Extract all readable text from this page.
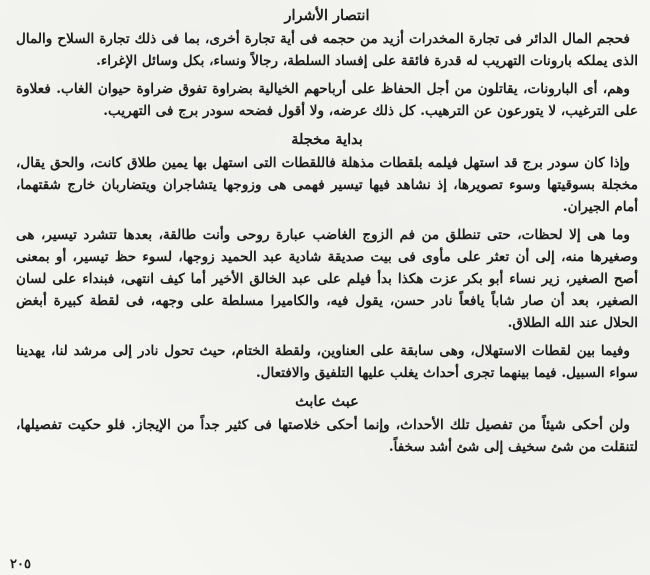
انتصار الأشرار

فحجم المال الدائر فى تجارة المخدرات أزيد من حجمه فى أية تجارة أخرى، بما فى ذلك تجارة السلاح والمال الذى يملكه بارونات التهريب له قدرة فائقة على إفساد السلطة، رجالاً ونساء، بكل وسائل الإغراء.

وهم، أى البارونات، يقاتلون من أجل الحفاظ على أرباحهم الخيالية بضراوة تفوق ضراوة حيوان الغاب. فعلاوة على الترغيب، لا يتورعون عن الترهيب. كل ذلك عرضه، ولا أقول فضحه سودر برج فى التهريب.

بداية مخجلة

وإذا كان سودر برج قد استهل فيلمه بلقطات مذهلة فاللقطات التى استهل بها يمين طلاق كانت، والحق يقال، مخجلة بسوقيتها وسوء تصويرها، إذ نشاهد فيها تيسير فهمى هى وزوجها يتشاجران ويتضاربان خارج شقتهما، أمام الجيران.

وما هى إلا لحظات، حتى تنطلق من فم الزوج الغاضب عبارة روحى وأنت طالقة، بعدها تتشرد تيسير، هى وصغيرها منه، إلى أن تعثر على مأوى فى بيت صديقة شادية عبد الحميد زوجها، لسوء حظ تيسير، أو بمعنى أصح الصغير، زير نساء أبو بكر عزت هكذا بدأ فيلم على عبد الخالق الأخير أما كيف انتهى، فبنداء على لسان الصغير، بعد أن صار شاباً يافعاً نادر حسن، يقول فيه، والكاميرا مسلطة على وجهه، فى لقطة كبيرة أبغض الحلال عند الله الطلاق.

وفيما بين لقطات الاستهلال، وهى سابقة على العناوين، ولقطة الختام، حيث تحول نادر إلى مرشد لنا، يهدينا سواء السبيل. فيما بينهما تجرى أحداث يغلب عليها التلفيق والافتعال.

عبث عابث

ولن أحكى شيئاً من تفصيل تلك الأحداث، وإنما أحكى خلاصتها فى كثير جداً من الإيجاز. فلو حكيت تفصيلها، لتنقلت من شئ سخيف إلى شئ أشد سخفاً.

٢٠٥
